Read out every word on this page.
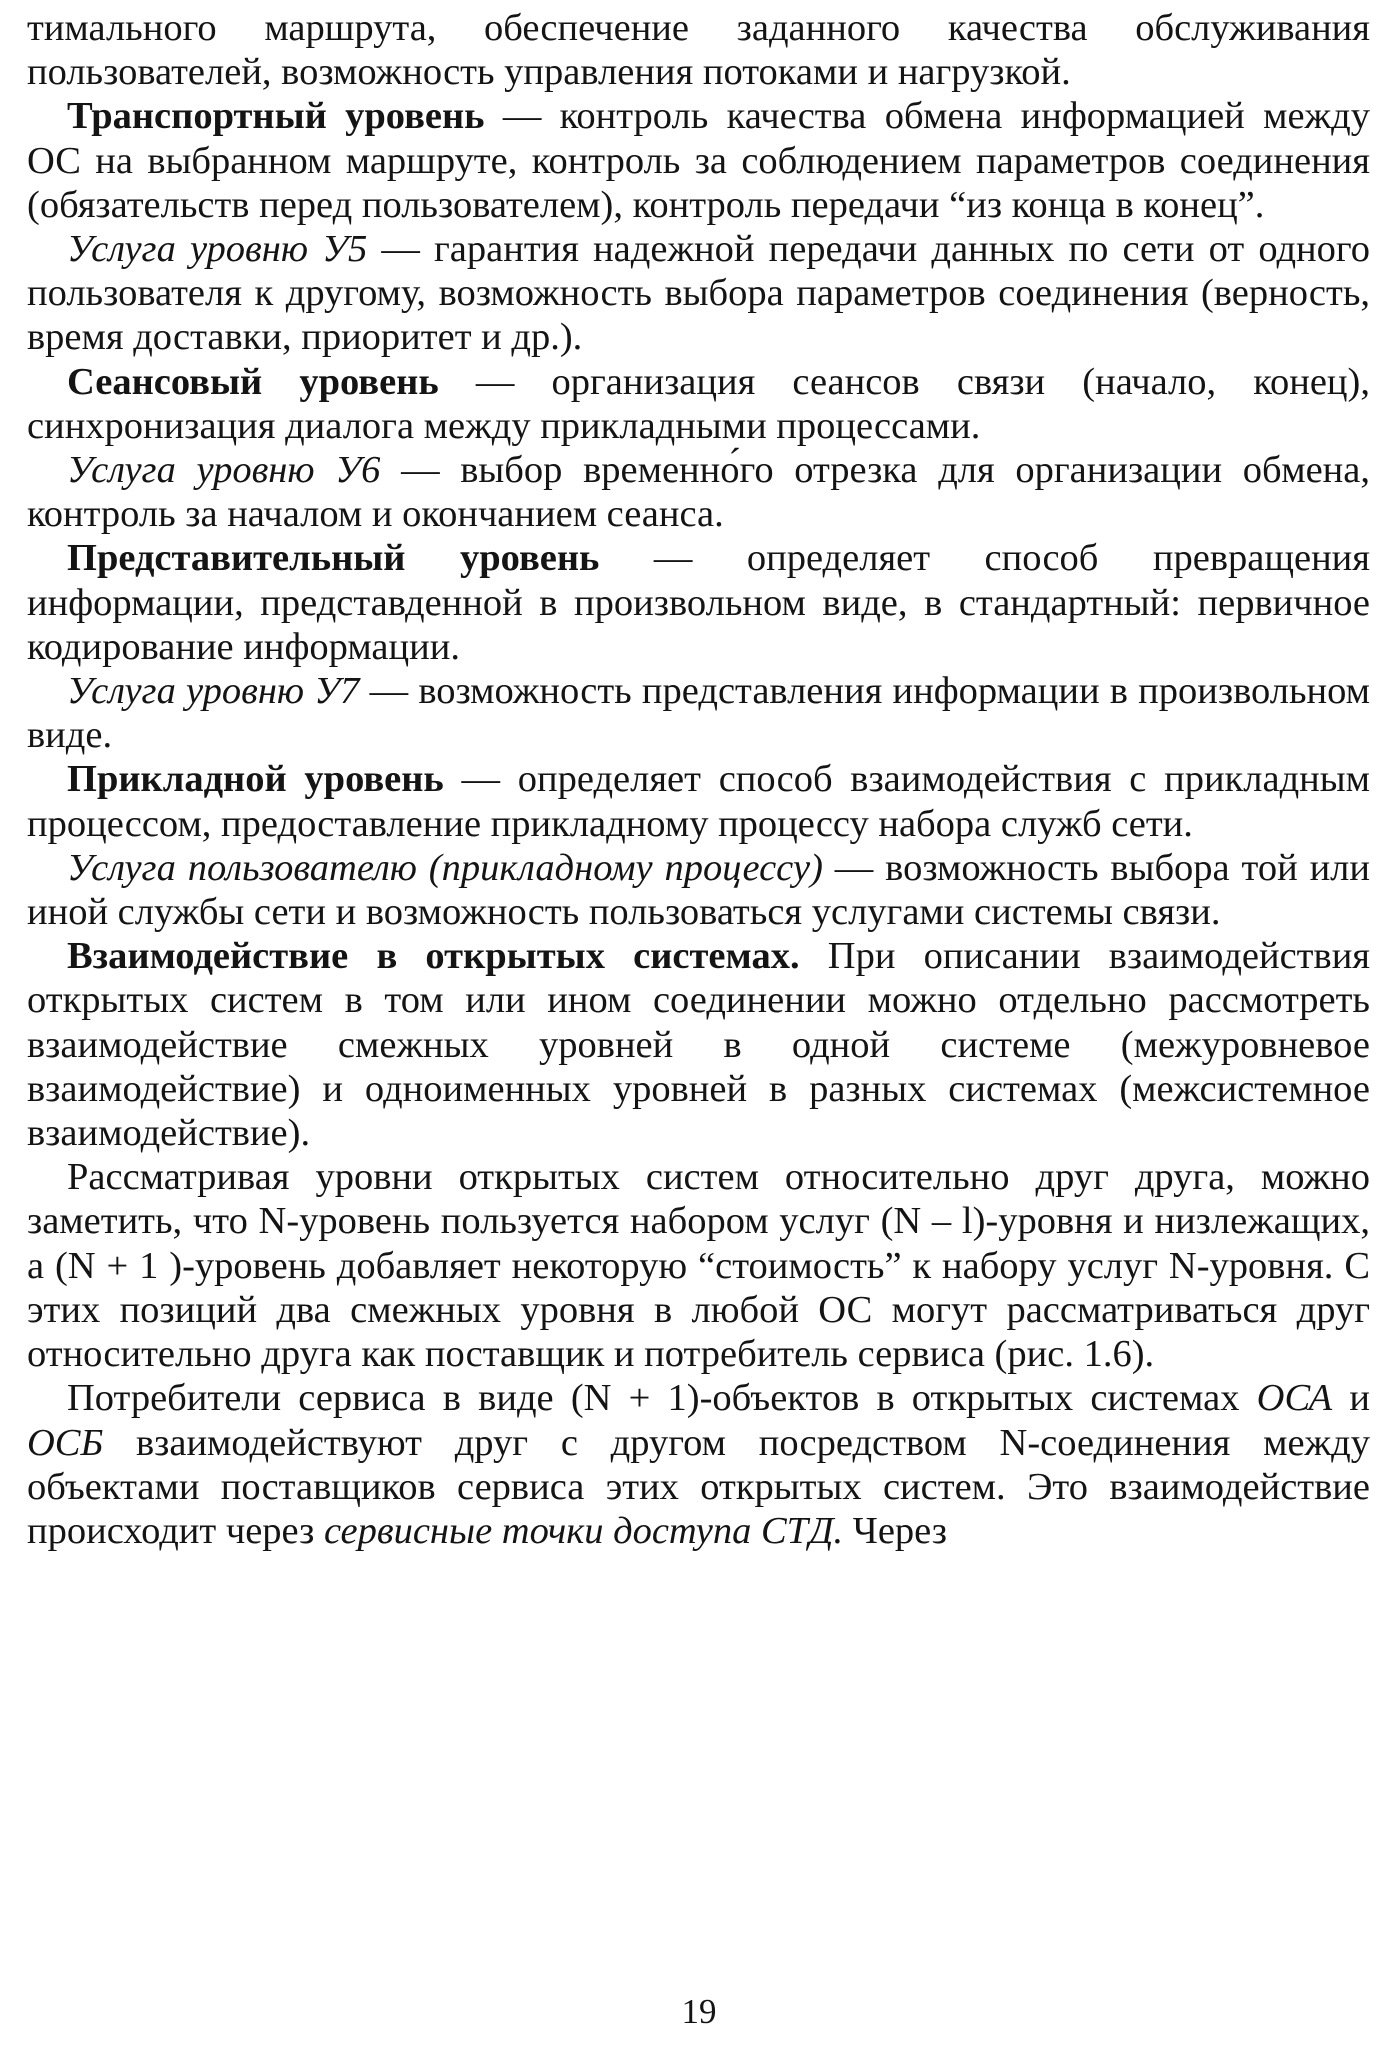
тимального маршрута, обеспечение заданного качества обслуживания пользователей, возможность управления потоками и нагрузкой.

Транспортный уровень — контроль качества обмена информацией между ОС на выбранном маршруте, контроль за соблюдением параметров соединения (обязательств перед пользователем), контроль передачи “из конца в конец”.

Услуга уровню У5 — гарантия надежной передачи данных по сети от одного пользователя к другому, возможность выбора параметров соединения (верность, время доставки, приоритет и др.).

Сеансовый уровень — организация сеансов связи (начало, конец), синхронизация диалога между прикладными процессами.

Услуга уровню У6 — выбор временно́го отрезка для организации обмена, контроль за началом и окончанием сеанса.

Представительный уровень — определяет способ превращения информации, представденной в произвольном виде, в стандартный: первичное кодирование информации.

Услуга уровню У7 — возможность представления информации в произвольном виде.

Прикладной уровень — определяет способ взаимодействия с прикладным процессом, предоставление прикладному процессу набора служб сети.

Услуга пользователю (прикладному процессу) — возможность выбора той или иной службы сети и возможность пользоваться услугами системы связи.

Взаимодействие в открытых системах. При описании взаимодействия открытых систем в том или ином соединении можно отдельно рассмотреть взаимодействие смежных уровней в одной системе (межуровневое взаимодействие) и одноименных уровней в разных системах (межсистемное взаимодействие).

Рассматривая уровни открытых систем относительно друг друга, можно заметить, что N-уровень пользуется набором услуг (N – l)-уровня и низлежащих, а (N + 1 )-уровень добавляет некоторую “стоимость” к набору услуг N-уровня. С этих позиций два смежных уровня в любой ОС могут рассматриваться друг относительно друга как поставщик и потребитель сервиса (рис. 1.6).

Потребители сервиса в виде (N + 1)-объектов в открытых системах ОСА и ОСБ взаимодействуют друг с другом посредством N-соединения между объектами поставщиков сервиса этих открытых систем. Это взаимодействие происходит через сервисные точки доступа СТД. Через

19
